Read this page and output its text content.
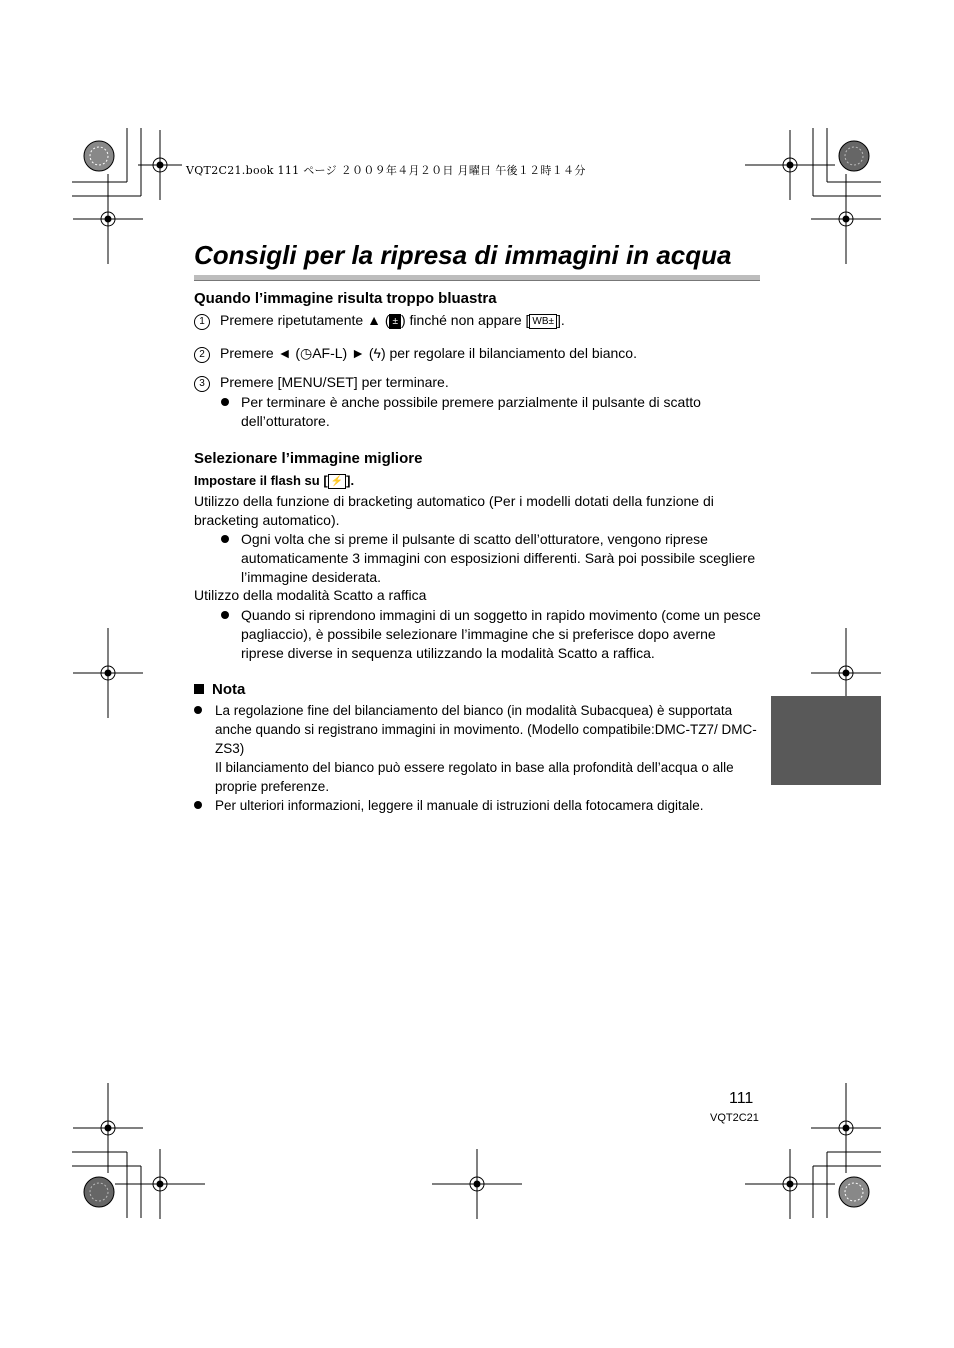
VQT2C21.book 111 ページ ２００９年４月２０日 月曜日 午後１２時１４分
Consigli per la ripresa di immagini in acqua
Quando l’immagine risulta troppo bluastra
1 Premere ripetutamente ▲ ( ± ) finché non appare [ WB± ].
2 Premere ◄ (◷AF-L) ► (ϟ) per regolare il bilanciamento del bianco.
3 Premere [MENU/SET] per terminare.
Per terminare è anche possibile premere parzialmente il pulsante di scatto dell’otturatore.
Selezionare l’immagine migliore
Impostare il flash su [ ⚡ ].
Utilizzo della funzione di bracketing automatico (Per i modelli dotati della funzione di bracketing automatico).
Ogni volta che si preme il pulsante di scatto dell’otturatore, vengono riprese automaticamente 3 immagini con esposizioni differenti. Sarà poi possibile scegliere l’immagine desiderata.
Utilizzo della modalità Scatto a raffica
Quando si riprendono immagini di un soggetto in rapido movimento (come un pesce pagliaccio), è possibile selezionare l’immagine che si preferisce dopo averne riprese diverse in sequenza utilizzando la modalità Scatto a raffica.
Nota
La regolazione fine del bilanciamento del bianco (in modalità Subacquea) è supportata anche quando si registrano immagini in movimento. (Modello compatibile:DMC-TZ7/ DMC-ZS3)
Il bilanciamento del bianco può essere regolato in base alla profondità dell’acqua o alle proprie preferenze.
Per ulteriori informazioni, leggere il manuale di istruzioni della fotocamera digitale.
111
VQT2C21
